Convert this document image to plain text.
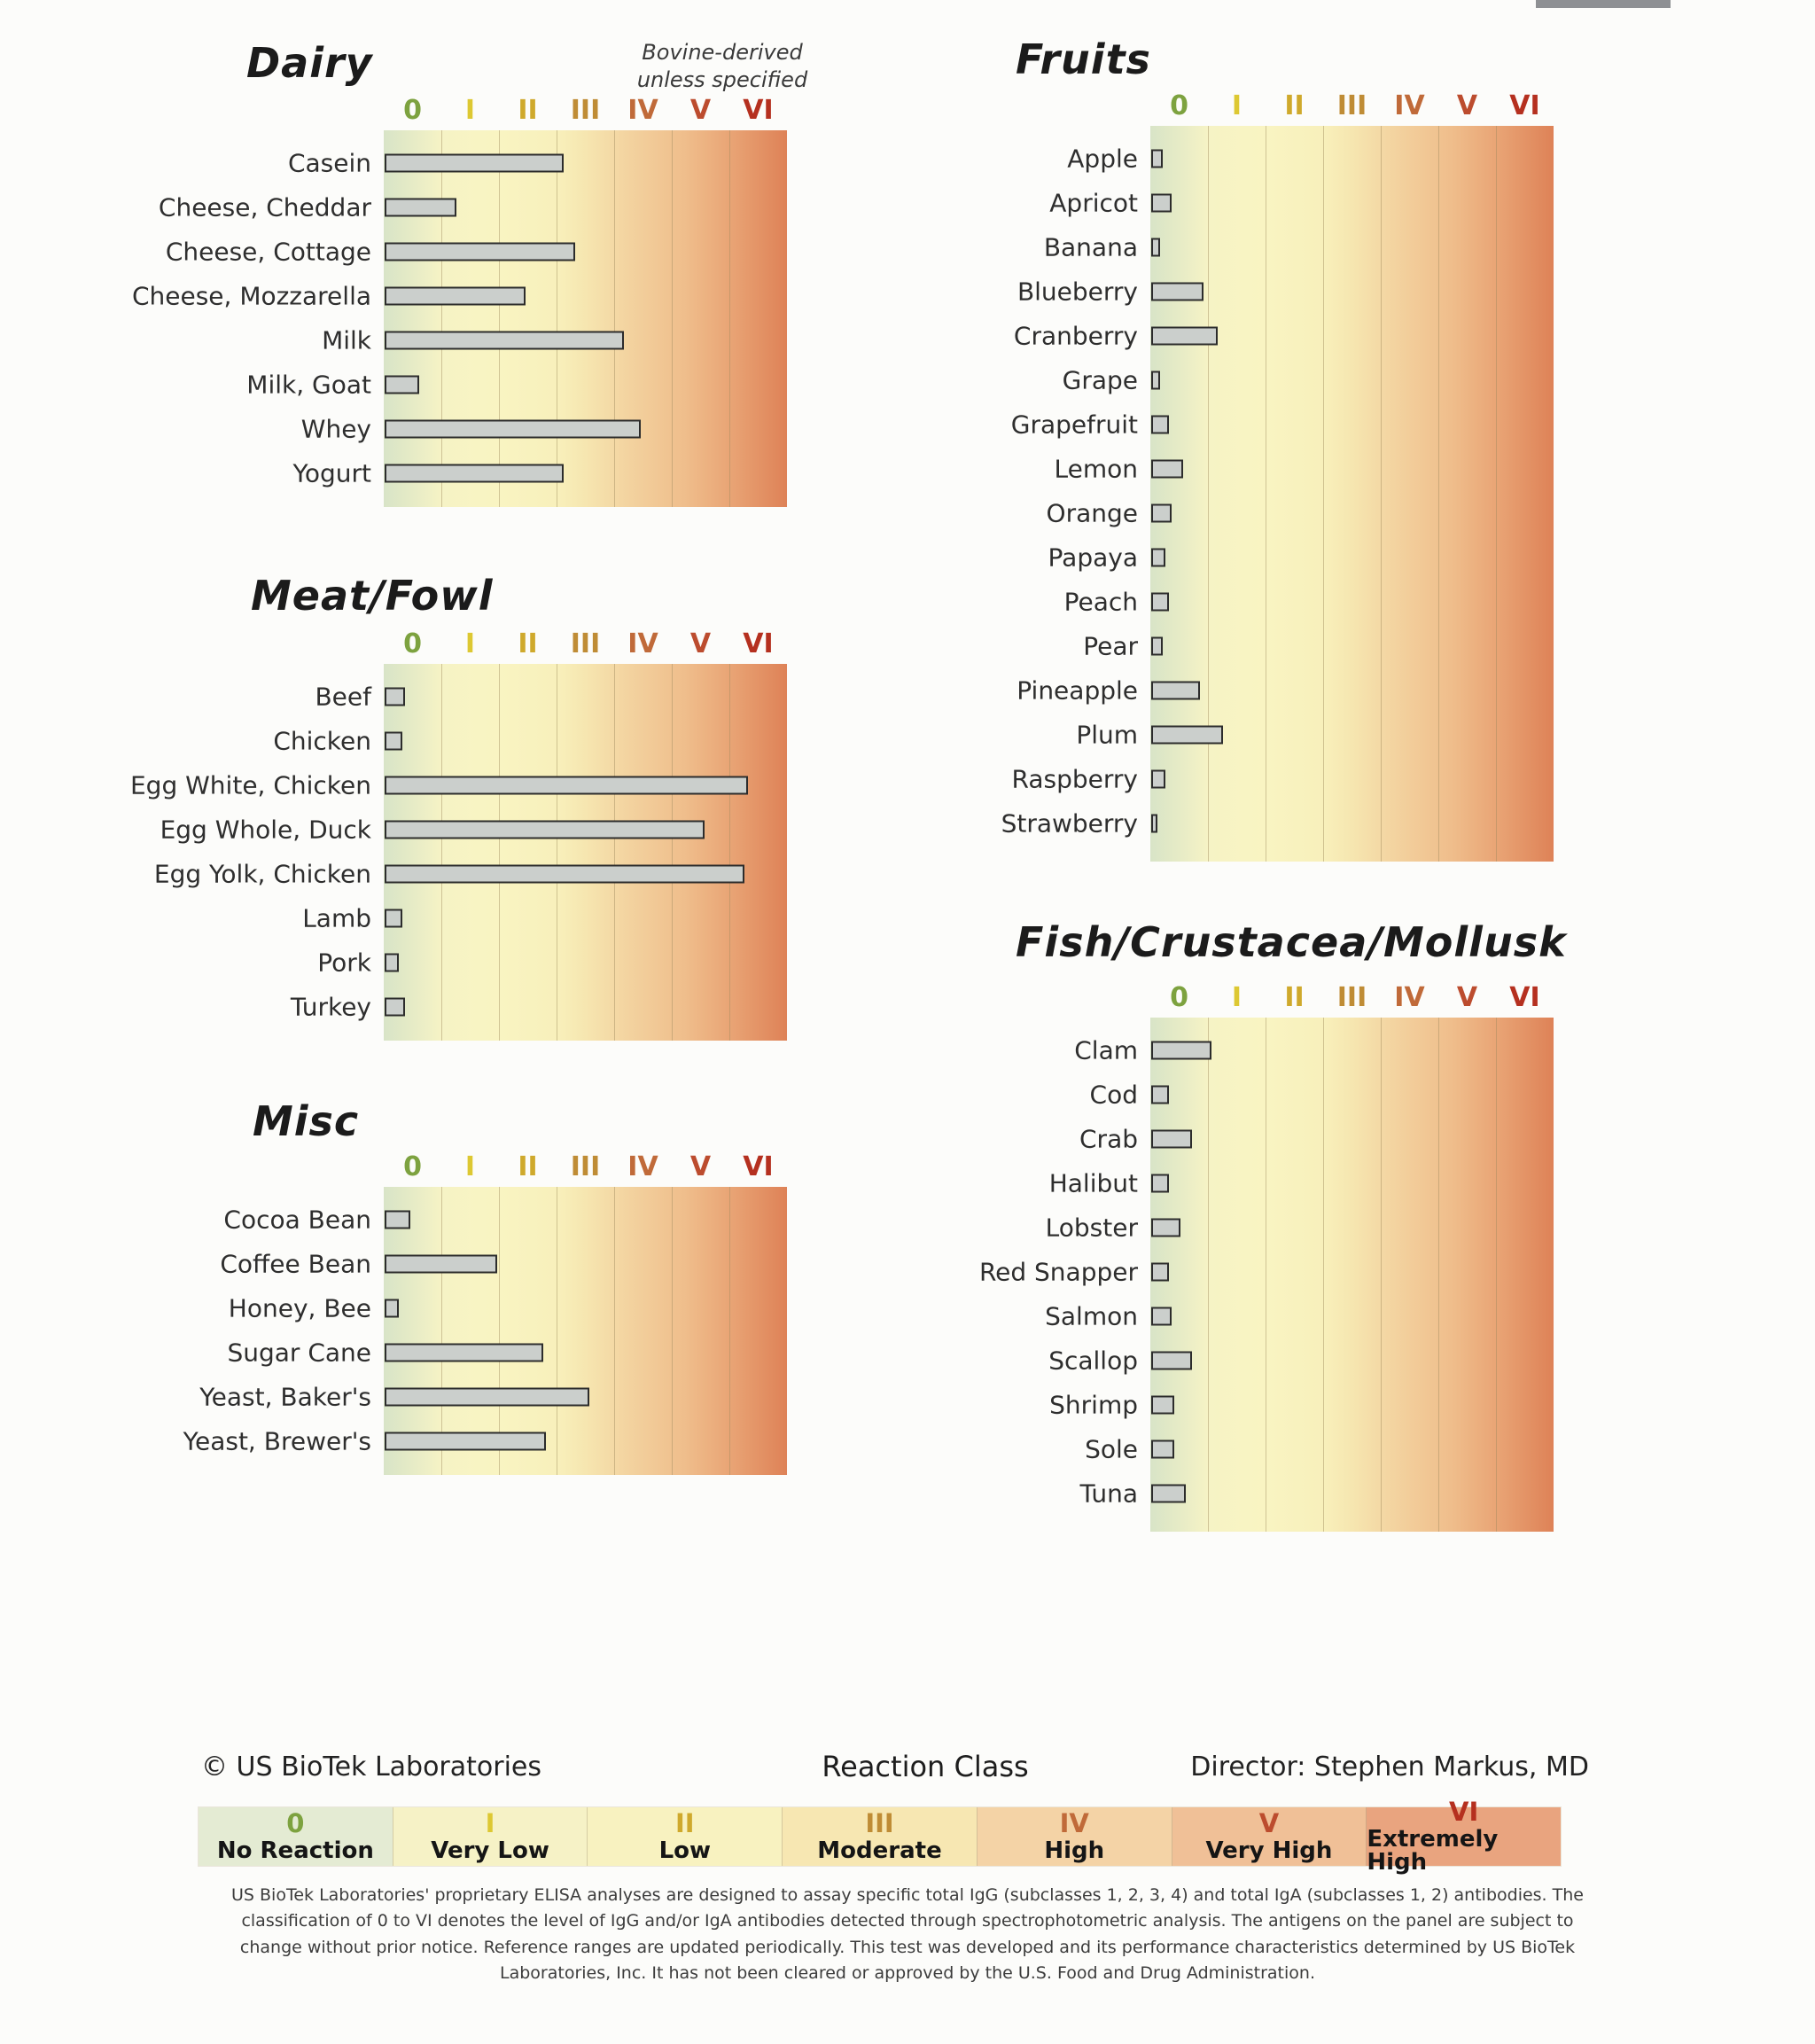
Dairy	Bovine-derived
unless specified
Meat/Fowl
Misc
Fruits
Fish/Crustacea/Mollusk
0	I	II	III	IV	V	VI
Casein
Cheese, Cheddar
Cheese, Cottage
Cheese, Mozzarella
Milk
Milk, Goat
Whey
Yogurt
0	I	II	III	IV	V	VI
Beef
Chicken
Egg White, Chicken
Egg Whole, Duck
Egg Yolk, Chicken
Lamb
Pork
Turkey
0	I	II	III	IV	V	VI
Cocoa Bean
Coffee Bean
Honey, Bee
Sugar Cane
Yeast, Baker's
Yeast, Brewer's
0	I	II	III	IV	V	VI
Apple
Apricot
Banana
Blueberry
Cranberry
Grape
Grapefruit
Lemon
Orange
Papaya
Peach
Pear
Pineapple
Plum
Raspberry
Strawberry
0	I	II	III	IV	V	VI
Clam
Cod
Crab
Halibut
Lobster
Red Snapper
Salmon
Scallop
Shrimp
Sole
Tuna
© US BioTek Laboratories	Reaction Class	Director: Stephen Markus, MD
0
No Reaction
I
Very Low
II
Low
III
Moderate
IV
High
V
Very High
VI
Extremely High
US BioTek Laboratories' proprietary ELISA analyses are designed to assay specific total IgG (subclasses 1, 2, 3, 4) and total IgA (subclasses 1, 2) antibodies. The classification of 0 to VI denotes the level of IgG and/or IgA antibodies detected through spectrophotometric analysis. The antigens on the panel are subject to change without prior notice. Reference ranges are updated periodically. This test was developed and its performance characteristics determined by US BioTek Laboratories, Inc. It has not been cleared or approved by the U.S. Food and Drug Administration.
